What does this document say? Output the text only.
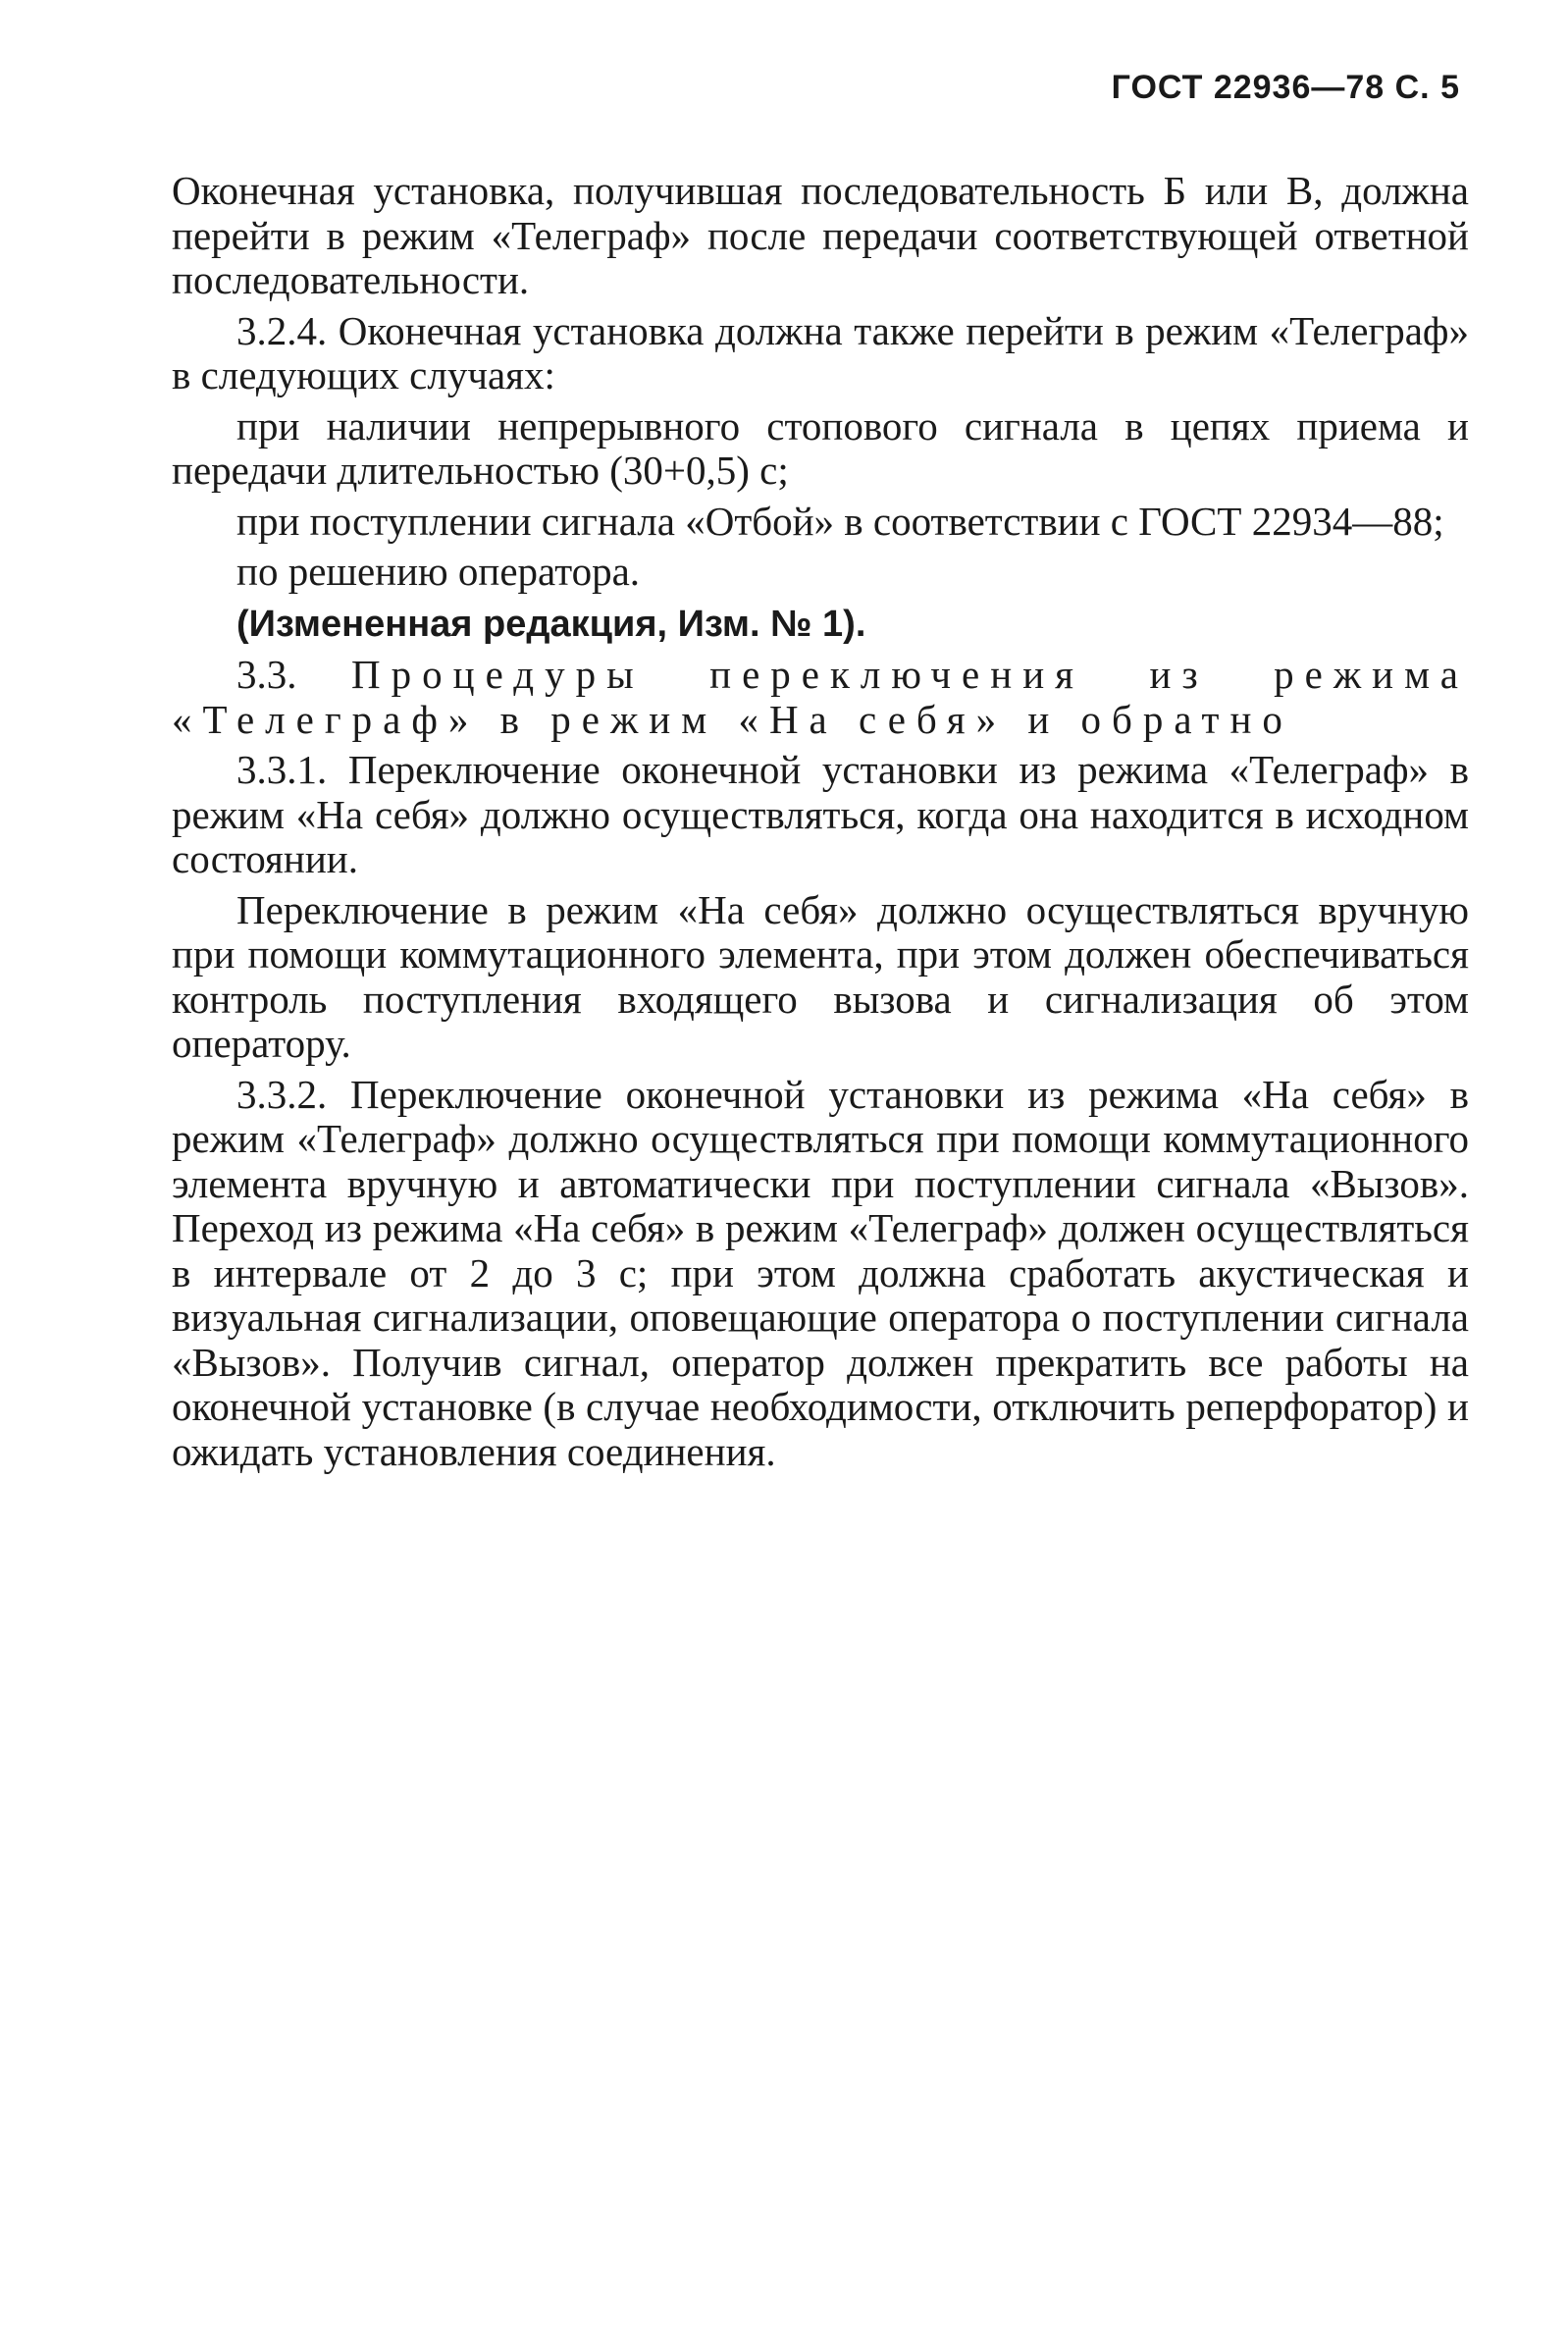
ГОСТ 22936—78 С. 5

Оконечная установка, получившая последовательность Б или В, должна перейти в режим «Телеграф» после передачи соответствующей ответной последовательности.

3.2.4. Оконечная установка должна также перейти в режим «Телеграф» в следующих случаях:

при наличии непрерывного стопового сигнала в цепях приема и передачи длительностью (30+0,5) с;

при поступлении сигнала «Отбой» в соответствии с ГОСТ 22934—88;

по решению оператора.

(Измененная редакция, Изм. № 1).

3.3. Процедуры переключения из режима «Телеграф» в режим «На себя» и обратно

3.3.1. Переключение оконечной установки из режима «Телеграф» в режим «На себя» должно осуществляться, когда она находится в исходном состоянии.

Переключение в режим «На себя» должно осуществляться вручную при помощи коммутационного элемента, при этом должен обеспечиваться контроль поступления входящего вызова и сигнализация об этом оператору.

3.3.2. Переключение оконечной установки из режима «На себя» в режим «Телеграф» должно осуществляться при помощи коммутационного элемента вручную и автоматически при поступлении сигнала «Вызов». Переход из режима «На себя» в режим «Телеграф» должен осуществляться в интервале от 2 до 3 с; при этом должна сработать акустическая и визуальная сигнализации, оповещающие оператора о поступлении сигнала «Вызов». Получив сигнал, оператор должен прекратить все работы на оконечной установке (в случае необходимости, отключить реперфоратор) и ожидать установления соединения.
